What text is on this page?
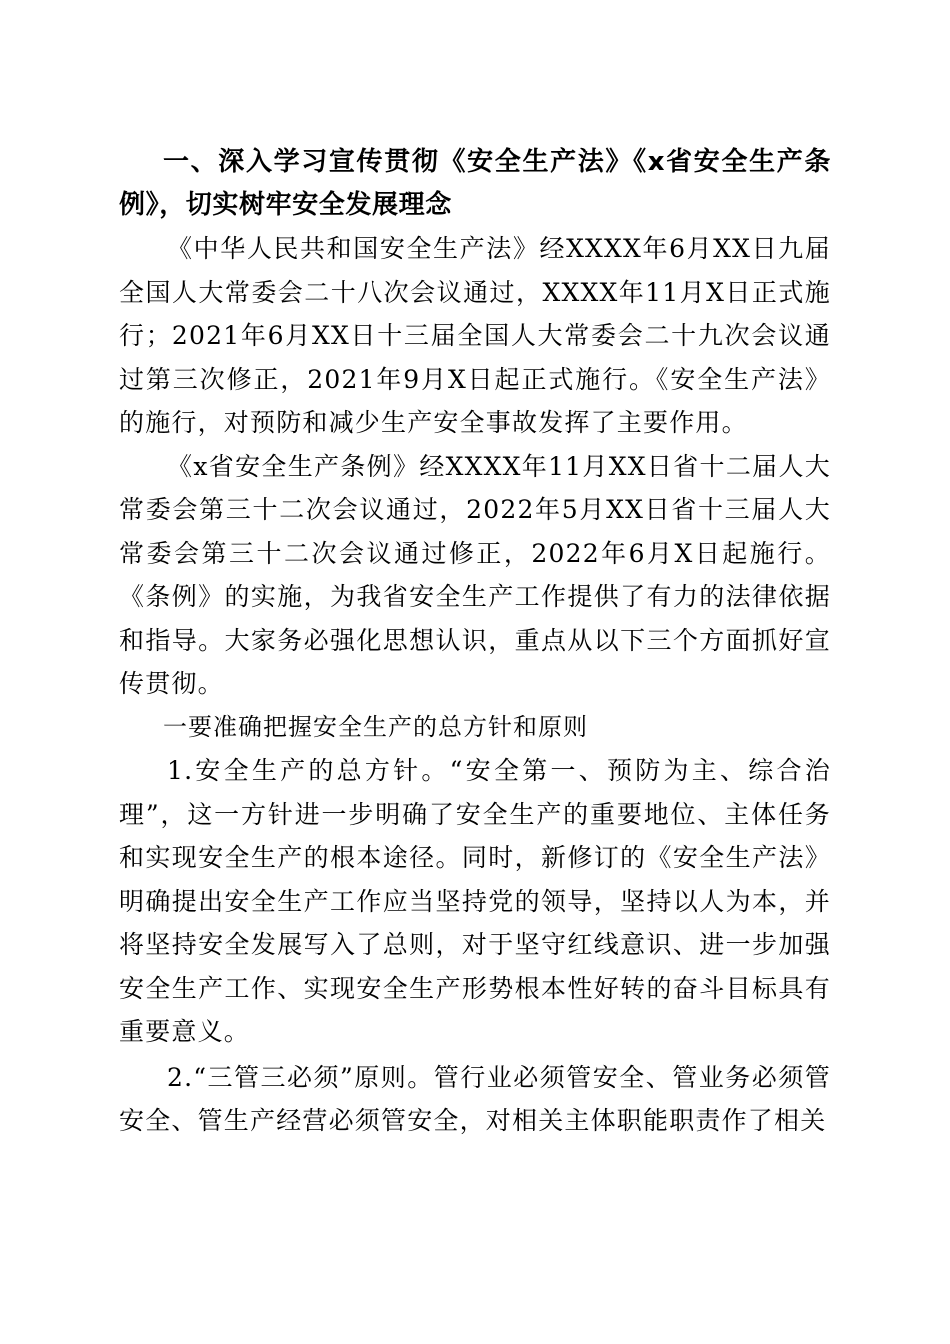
一、深入学习宣传贯彻《安全生产法》《x省安全生产条例》，切实树牢安全发展理念

《中华人民共和国安全生产法》经XXXX年6月XX日九届全国人大常委会二十八次会议通过，XXXX年11月X日正式施行；2021年6月XX日十三届全国人大常委会二十九次会议通过第三次修正，2021年9月X日起正式施行。《安全生产法》的施行，对预防和减少生产安全事故发挥了主要作用。

《x省安全生产条例》经XXXX年11月XX日省十二届人大常委会第三十二次会议通过，2022年5月XX日省十三届人大常委会第三十二次会议通过修正，2022年6月X日起施行。《条例》的实施，为我省安全生产工作提供了有力的法律依据和指导。大家务必强化思想认识，重点从以下三个方面抓好宣传贯彻。

一要准确把握安全生产的总方针和原则

1.安全生产的总方针。“安全第一、预防为主、综合治理”，这一方针进一步明确了安全生产的重要地位、主体任务和实现安全生产的根本途径。同时，新修订的《安全生产法》明确提出安全生产工作应当坚持党的领导，坚持以人为本，并将坚持安全发展写入了总则，对于坚守红线意识、进一步加强安全生产工作、实现安全生产形势根本性好转的奋斗目标具有重要意义。

2.“三管三必须”原则。管行业必须管安全、管业务必须管安全、管生产经营必须管安全，对相关主体职能职责作了相关
